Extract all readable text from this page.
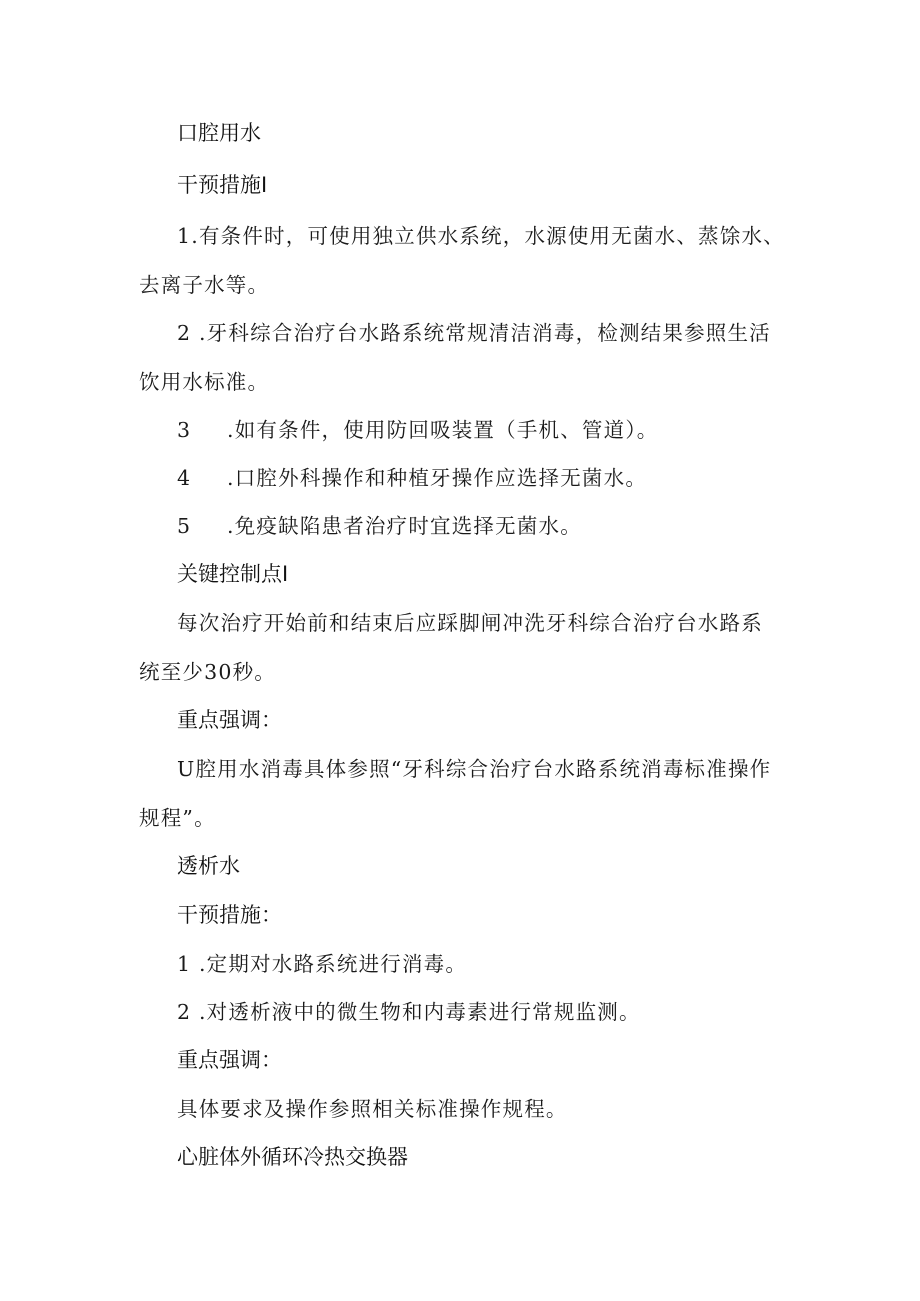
口腔用水
干预措施I
1.有条件时，可使用独立供水系统，水源使用无菌水、蒸馀水、
去离子水等。
2 .牙科综合治疗台水路系统常规清洁消毒，检测结果参照生活
饮用水标准。
3 .如有条件，使用防回吸装置（手机、管道）。
4 .口腔外科操作和种植牙操作应选择无菌水。
5 .免疫缺陷患者治疗时宜选择无菌水。
关键控制点I
每次治疗开始前和结束后应踩脚闸冲洗牙科综合治疗台水路系
统至少30秒。
重点强调：
U腔用水消毒具体参照“牙科综合治疗台水路系统消毒标准操作
规程”。
透析水
干预措施：
1 .定期对水路系统进行消毒。
2 .对透析液中的微生物和内毒素进行常规监测。
重点强调：
具体要求及操作参照相关标准操作规程。
心脏体外循环冷热交换器
